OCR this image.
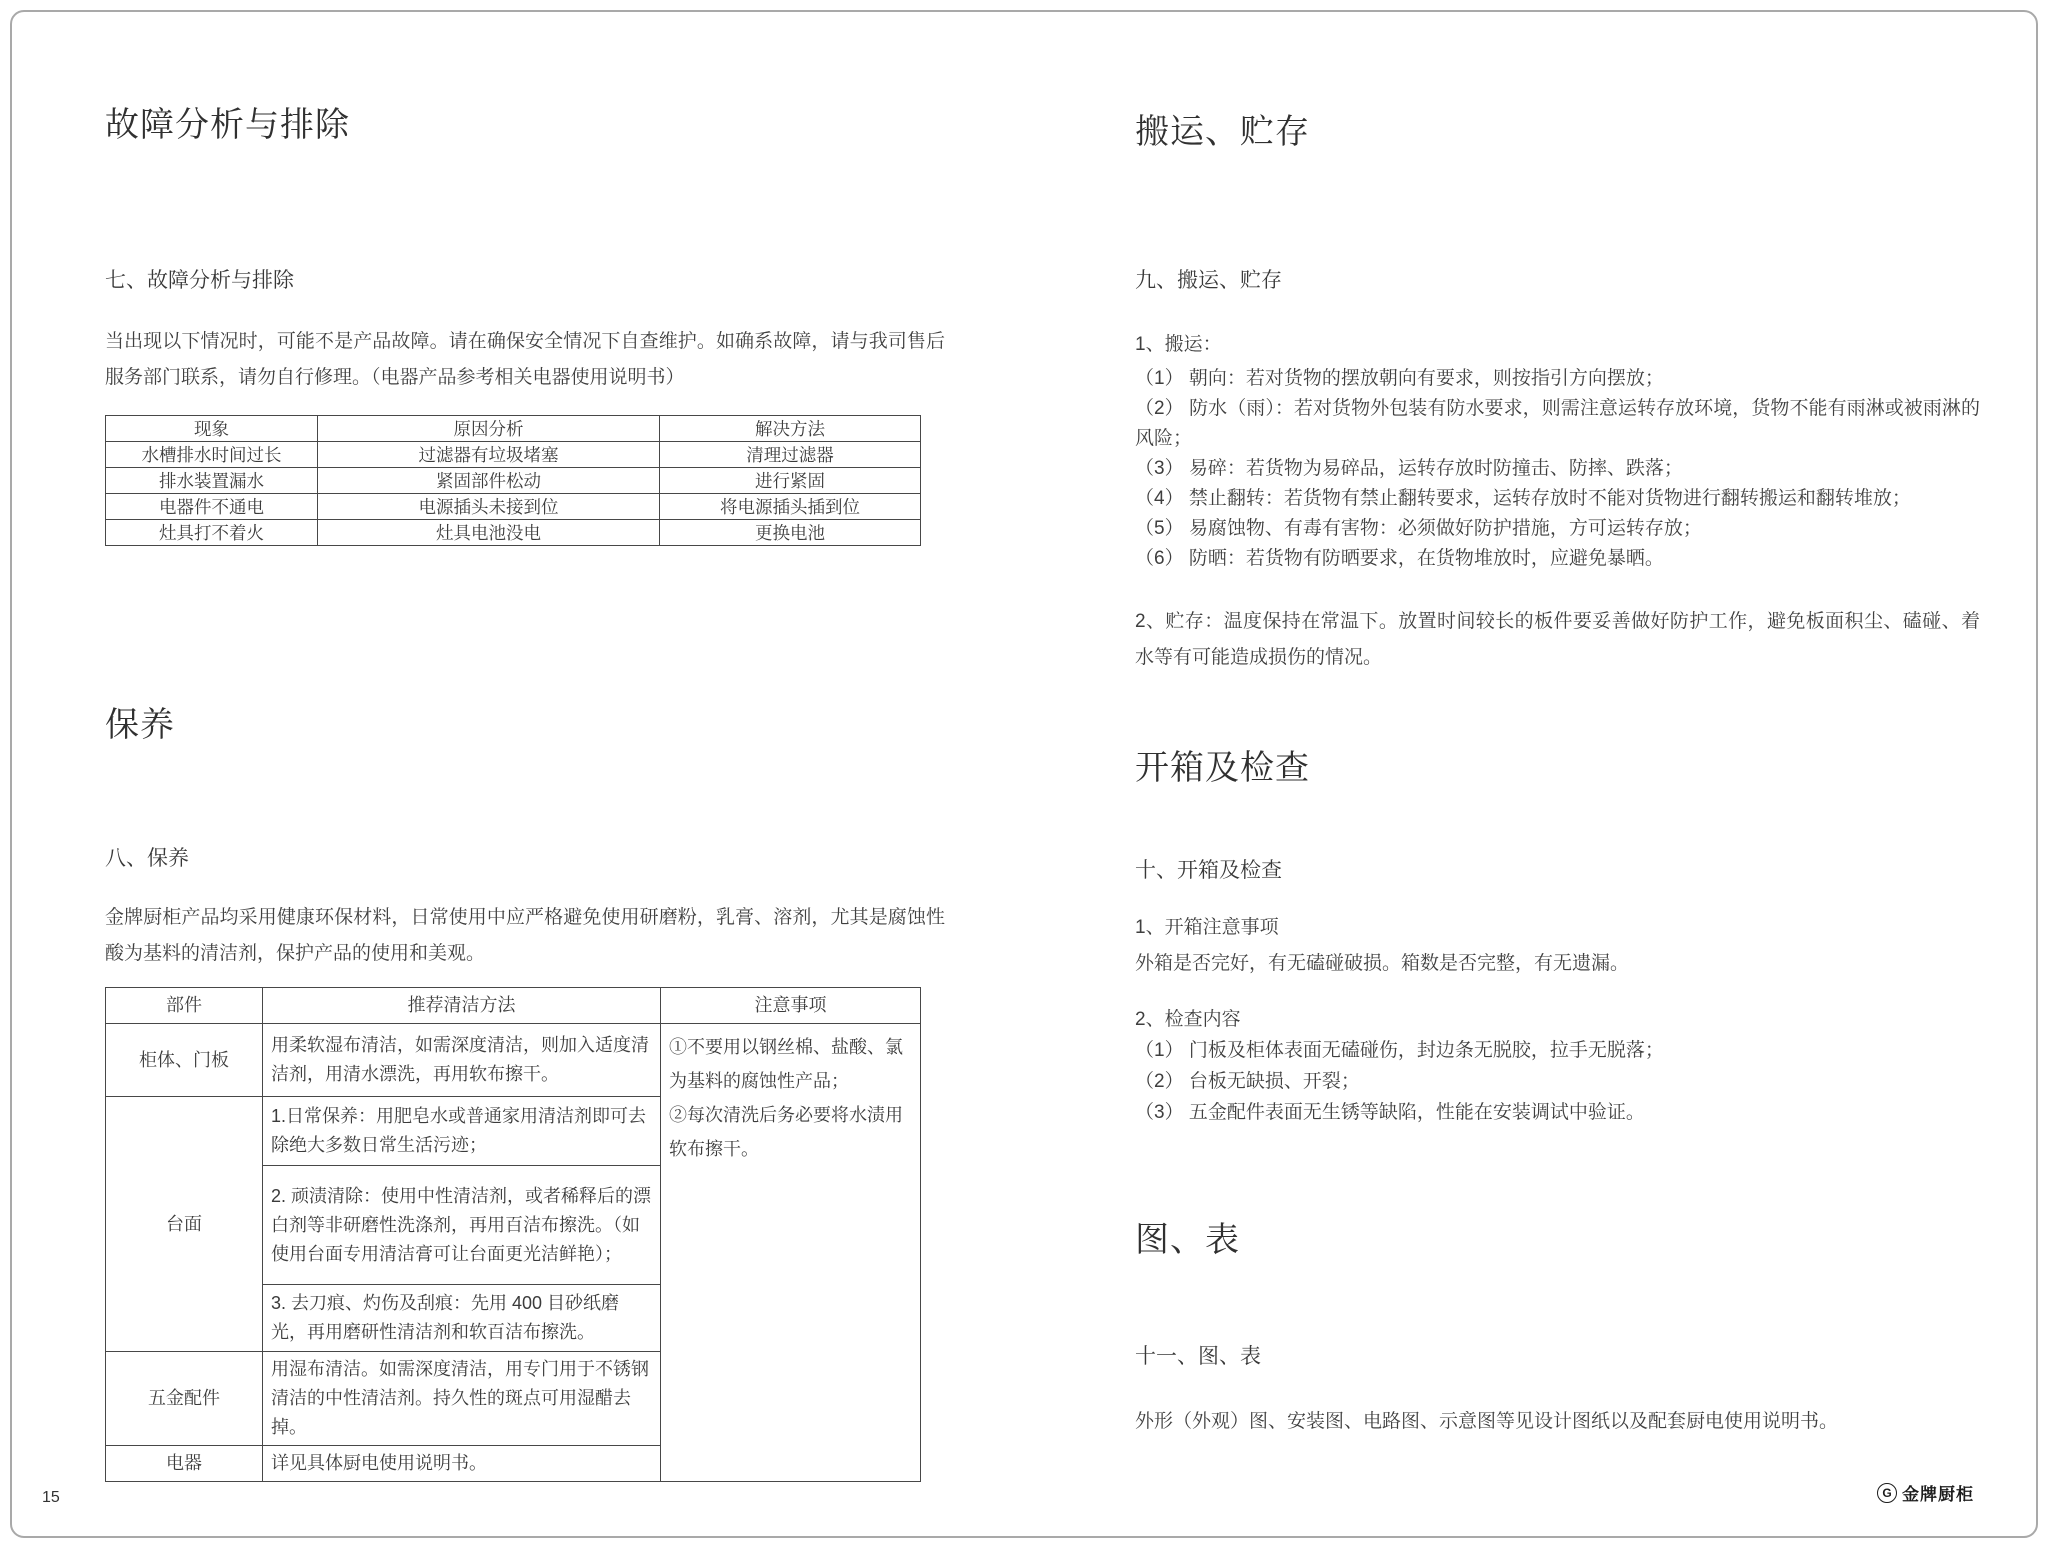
故障分析与排除
七、故障分析与排除

当出现以下情况时，可能不是产品故障。请在确保安全情况下自查维护。如确系故障，请与我司售后服务部门联系，请勿自行修理。（电器产品参考相关电器使用说明书）

现象	原因分析	解决方法
水槽排水时间过长	过滤器有垃圾堵塞	清理过滤器
排水装置漏水	紧固部件松动	进行紧固
电器件不通电	电源插头未接到位	将电源插头插到位
灶具打不着火	灶具电池没电	更换电池
保养
八、保养

金牌厨柜产品均采用健康环保材料，日常使用中应严格避免使用研磨粉，乳膏、溶剂，尤其是腐蚀性酸为基料的清洁剂，保护产品的使用和美观。

部件	推荐清洁方法	注意事项
柜体、门板	用柔软湿布清洁，如需深度清洁，则加入适度清洁剂，用清水漂洗，再用软布擦干。	①不要用以钢丝棉、盐酸、氯为基料的腐蚀性产品；
②每次清洗后务必要将水渍用软布擦干。

台面	1.日常保养：用肥皂水或普通家用清洁剂即可去除绝大多数日常生活污迹；	
	2. 顽渍清除：使用中性清洁剂，或者稀释后的漂白剂等非研磨性洗涤剂，再用百洁布擦洗。（如使用台面专用清洁膏可让台面更光洁鲜艳）；	
	3. 去刀痕、灼伤及刮痕：先用 400 目砂纸磨光，再用磨研性清洁剂和软百洁布擦洗。	
五金配件	用湿布清洁。如需深度清洁，用专门用于不锈钢清洁的中性清洁剂。持久性的斑点可用湿醋去掉。	
电器	详见具体厨电使用说明书。	
搬运、贮存
九、搬运、贮存
1、搬运：
（1） 朝向：若对货物的摆放朝向有要求，则按指引方向摆放；
（2） 防水（雨）：若对货物外包装有防水要求，则需注意运转存放环境，货物不能有雨淋或被雨淋的风险；
（3） 易碎：若货物为易碎品，运转存放时防撞击、防摔、跌落；
（4） 禁止翻转：若货物有禁止翻转要求，运转存放时不能对货物进行翻转搬运和翻转堆放；
（5） 易腐蚀物、有毒有害物：必须做好防护措施，方可运转存放；
（6） 防晒：若货物有防晒要求，在货物堆放时，应避免暴晒。

2、贮存：温度保持在常温下。放置时间较长的板件要妥善做好防护工作，避免板面积尘、磕碰、着水等有可能造成损伤的情况。

开箱及检查
十、开箱及检查
1、开箱注意事项
外箱是否完好，有无磕碰破损。箱数是否完整，有无遗漏。
2、检查内容
（1） 门板及柜体表面无磕碰伤，封边条无脱胶，拉手无脱落；
（2） 台板无缺损、开裂；
（3） 五金配件表面无生锈等缺陷，性能在安装调试中验证。
图、表
十一、图、表

外形（外观）图、安装图、电路图、示意图等见设计图纸以及配套厨电使用说明书。

15	G 金牌厨柜
